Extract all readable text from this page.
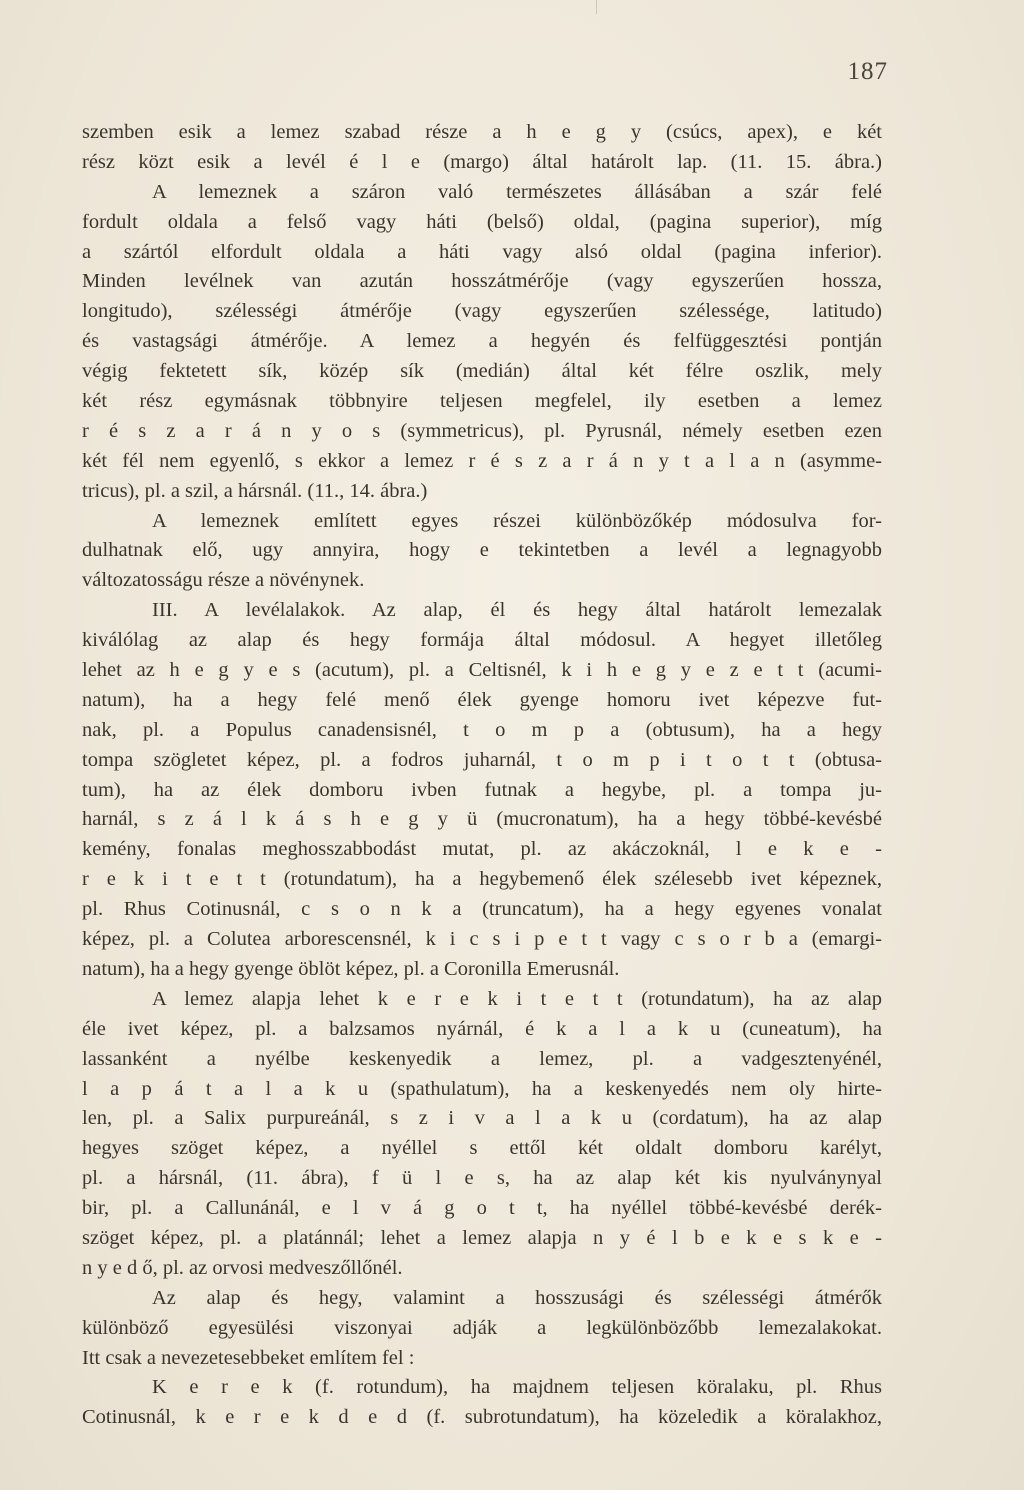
187
szemben esik a lemez szabad része a h e g y (csúcs, apex), e két
rész közt esik a levél é l e (margo) által határolt lap. (11. 15. ábra.)
A lemeznek a száron való természetes állásában a szár felé
fordult oldala a felső vagy háti (belső) oldal, (pagina superior), míg
a szártól elfordult oldala a háti vagy alsó oldal (pagina inferior).
Minden levélnek van azután hosszátmérője (vagy egyszerűen hossza,
longitudo), szélességi átmérője (vagy egyszerűen szélessége, latitudo)
és vastagsági átmérője. A lemez a hegyén és felfüggesztési pontján
végig fektetett sík, közép sík (medián) által két félre oszlik, mely
két rész egymásnak többnyire teljesen megfelel, ily esetben a lemez
r é s z a r á n y o s (symmetricus), pl. Pyrusnál, némely esetben ezen
két fél nem egyenlő, s ekkor a lemez r é s z a r á n y t a l a n (asymme-
tricus), pl. a szil, a hársnál. (11., 14. ábra.)
A lemeznek említett egyes részei különbözőkép módosulva for-
dulhatnak elő, ugy annyira, hogy e tekintetben a levél a legnagyobb
változatosságu része a növénynek.
III. A levélalakok. Az alap, él és hegy által határolt lemezalak
kiválólag az alap és hegy formája által módosul. A hegyet illetőleg
lehet az h e g y e s (acutum), pl. a Celtisnél, k i h e g y e z e t t (acumi-
natum), ha a hegy felé menő élek gyenge homoru ivet képezve fut-
nak, pl. a Populus canadensisnél, t o m p a (obtusum), ha a hegy
tompa szögletet képez, pl. a fodros juharnál, t o m p i t o t t (obtusa-
tum), ha az élek domboru ivben futnak a hegybe, pl. a tompa ju-
harnál, s z á l k á s h e g y ü (mucronatum), ha a hegy többé-kevésbé
kemény, fonalas meghosszabbodást mutat, pl. az akáczoknál, l e k e -
r e k i t e t t (rotundatum), ha a hegybemenő élek szélesebb ivet képeznek,
pl. Rhus Cotinusnál, c s o n k a (truncatum), ha a hegy egyenes vonalat
képez, pl. a Colutea arborescensnél, k i c s i p e t t vagy c s o r b a (emargi-
natum), ha a hegy gyenge öblöt képez, pl. a Coronilla Emerusnál.
A lemez alapja lehet k e r e k i t e t t (rotundatum), ha az alap
éle ivet képez, pl. a balzsamos nyárnál, é k a l a k u (cuneatum), ha
lassanként a nyélbe keskenyedik a lemez, pl. a vadgesztenyénél,
l a p á t a l a k u (spathulatum), ha a keskenyedés nem oly hirte-
len, pl. a Salix purpureánál, s z i v a l a k u (cordatum), ha az alap
hegyes szöget képez, a nyéllel s ettől két oldalt domboru karélyt,
pl. a hársnál, (11. ábra), f ü l e s, ha az alap két kis nyulványnyal
bir, pl. a Callunánál, e l v á g o t t, ha nyéllel többé-kevésbé derék-
szöget képez, pl. a platánnál; lehet a lemez alapja n y é l b e k e s k e -
n y e d ő, pl. az orvosi medveszőllőnél.
Az alap és hegy, valamint a hosszusági és szélességi átmérők
különböző egyesülési viszonyai adják a legkülönbözőbb lemezalakokat.
Itt csak a nevezetesebbeket említem fel :
K e r e k (f. rotundum), ha majdnem teljesen köralaku, pl. Rhus
Cotinusnál, k e r e k d e d (f. subrotundatum), ha közeledik a köralakhoz,
